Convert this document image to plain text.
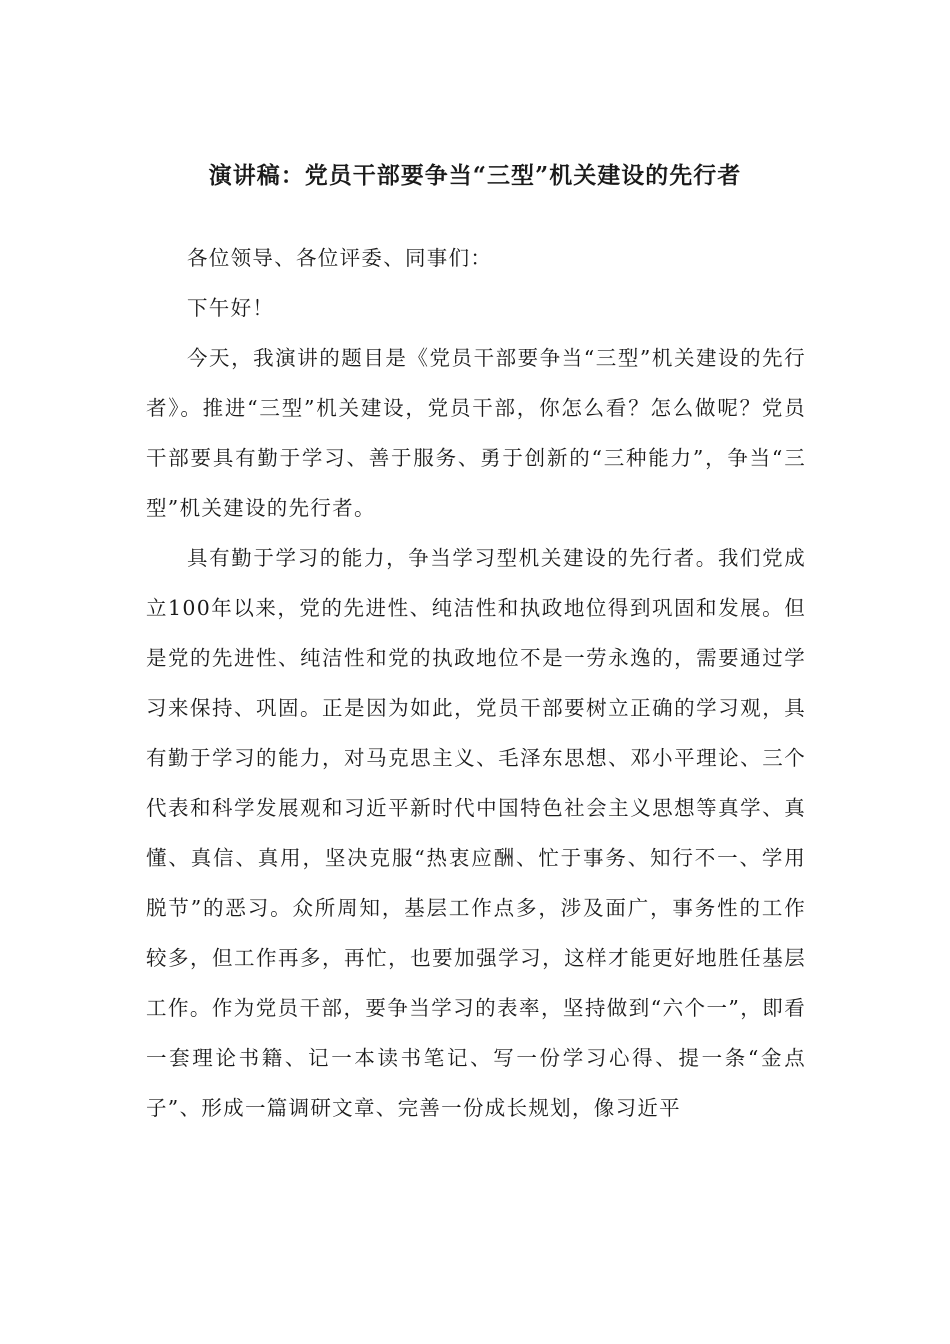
演讲稿：党员干部要争当“三型”机关建设的先行者

各位领导、各位评委、同事们：

下午好！

今天，我演讲的题目是《党员干部要争当“三型”机关建设的先行者》。推进“三型”机关建设，党员干部，你怎么看？怎么做呢？党员干部要具有勤于学习、善于服务、勇于创新的“三种能力”，争当“三型”机关建设的先行者。

具有勤于学习的能力，争当学习型机关建设的先行者。我们党成立100年以来，党的先进性、纯洁性和执政地位得到巩固和发展。但是党的先进性、纯洁性和党的执政地位不是一劳永逸的，需要通过学习来保持、巩固。正是因为如此，党员干部要树立正确的学习观，具有勤于学习的能力，对马克思主义、毛泽东思想、邓小平理论、三个代表和科学发展观和习近平新时代中国特色社会主义思想等真学、真懂、真信、真用，坚决克服“热衷应酬、忙于事务、知行不一、学用脱节”的恶习。众所周知，基层工作点多，涉及面广，事务性的工作较多，但工作再多，再忙，也要加强学习，这样才能更好地胜任基层工作。作为党员干部，要争当学习的表率，坚持做到“六个一”，即看一套理论书籍、记一本读书笔记、写一份学习心得、提一条“金点子”、形成一篇调研文章、完善一份成长规划，像习近平
